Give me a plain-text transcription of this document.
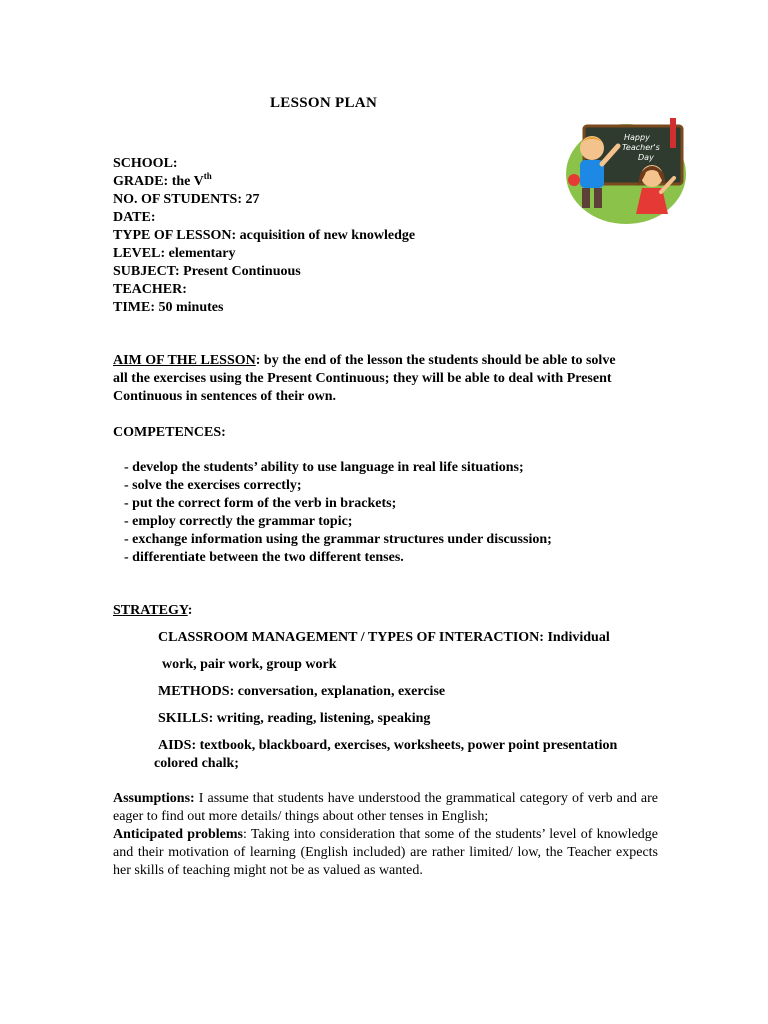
LESSON PLAN
Happy
Teacher's
Day
SCHOOL:
GRADE: the Vth
NO. OF STUDENTS: 27
DATE:
TYPE OF LESSON: acquisition of new knowledge
LEVEL: elementary
SUBJECT: Present Continuous
TEACHER:
TIME: 50 minutes
AIM OF THE LESSON: by the end of the lesson the students should be able to solve
all the exercises using the Present Continuous; they will be able to deal with Present
Continuous in sentences of their own.
COMPETENCES:
- develop the students’ ability to use language in real life situations;
- solve the exercises correctly;
- put the correct form of the verb in brackets;
- employ correctly the grammar topic;
- exchange information using the grammar structures under discussion;
- differentiate between the two different tenses.
STRATEGY:
CLASSROOM MANAGEMENT / TYPES OF INTERACTION: Individual
work, pair work, group work
METHODS: conversation, explanation, exercise
SKILLS: writing, reading, listening, speaking
AIDS: textbook, blackboard, exercises, worksheets, power point presentation
colored chalk;
Assumptions: I assume that students have understood the grammatical category of verb and are eager to find out more details/ things about other tenses in English;
Anticipated problems: Taking into consideration that some of the students’ level of knowledge and their motivation of learning (English included) are rather limited/ low, the Teacher expects her skills of teaching might not be as valued as wanted.
